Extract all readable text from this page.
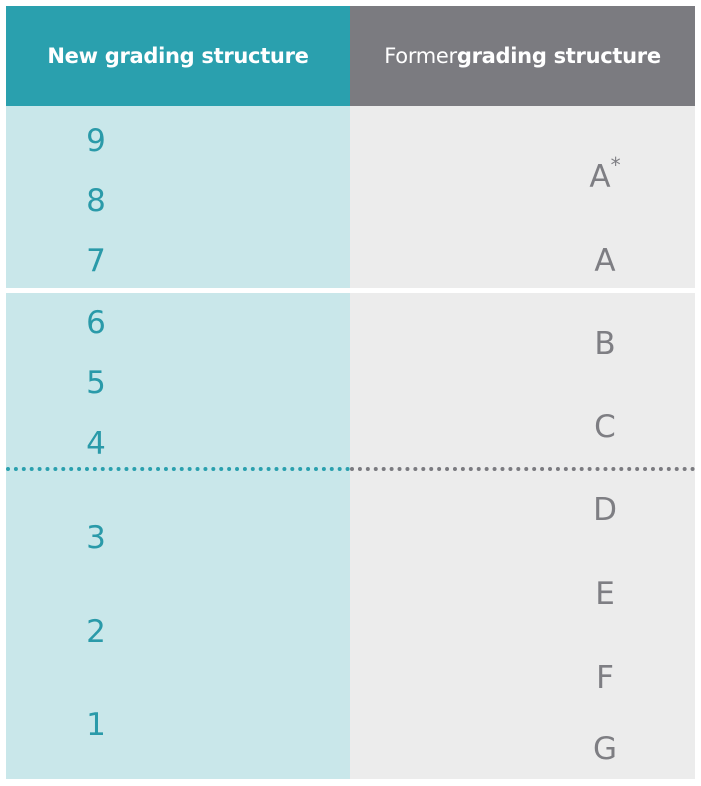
New grading structure	Former grading structure
9
8
7
6
5
4
3
2
1
A*
A
B
C
D
E
F
G
